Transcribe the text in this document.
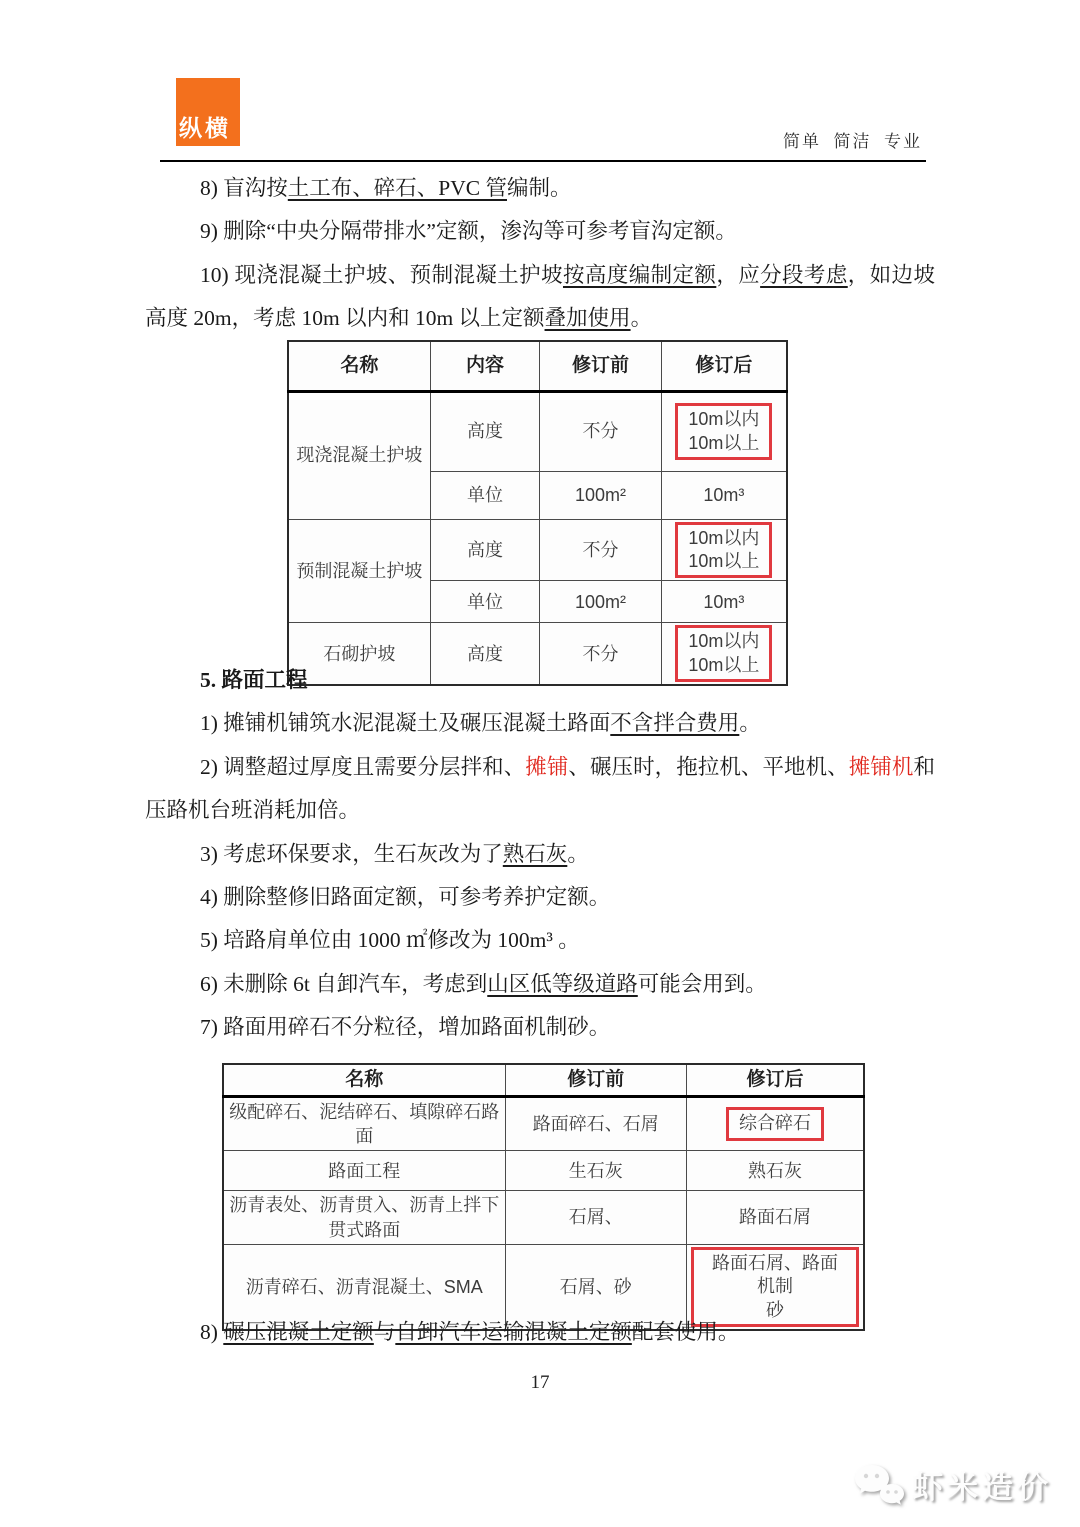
纵横
简单  简洁  专业

8) 盲沟按土工布、碎石、PVC 管编制。

9) 删除“中央分隔带排水”定额，渗沟等可参考盲沟定额。

10) 现浇混凝土护坡、预制混凝土护坡按高度编制定额，应分段考虑，如边坡高度 20m，考虑 10m 以内和 10m 以上定额叠加使用。

名称	内容	修订前	修订后
现浇混凝土护坡	高度	不分	10m以内
10m以上
	单位	100m²	10m³
预制混凝土护坡	高度	不分	10m以内
10m以上
	单位	100m²	10m³
石砌护坡	高度	不分	10m以内
10m以上

5. 路面工程

1) 摊铺机铺筑水泥混凝土及碾压混凝土路面不含拌合费用。

2) 调整超过厚度且需要分层拌和、摊铺、碾压时，拖拉机、平地机、摊铺机和压路机台班消耗加倍。

3) 考虑环保要求，生石灰改为了熟石灰。

4) 删除整修旧路面定额，可参考养护定额。

5) 培路肩单位由 1000 ㎡修改为 100m³ 。

6) 未删除 6t 自卸汽车，考虑到山区低等级道路可能会用到。

7) 路面用碎石不分粒径，增加路面机制砂。

名称	修订前	修订后
级配碎石、泥结碎石、填隙碎石路面	路面碎石、石屑	综合碎石
路面工程	生石灰	熟石灰
沥青表处、沥青贯入、沥青上拌下贯式路面	石屑、	路面石屑
沥青碎石、沥青混凝土、SMA	石屑、砂	路面石屑、路面机制
砂

8) 碾压混凝土定额与自卸汽车运输混凝土定额配套使用。

17
虾米造价
